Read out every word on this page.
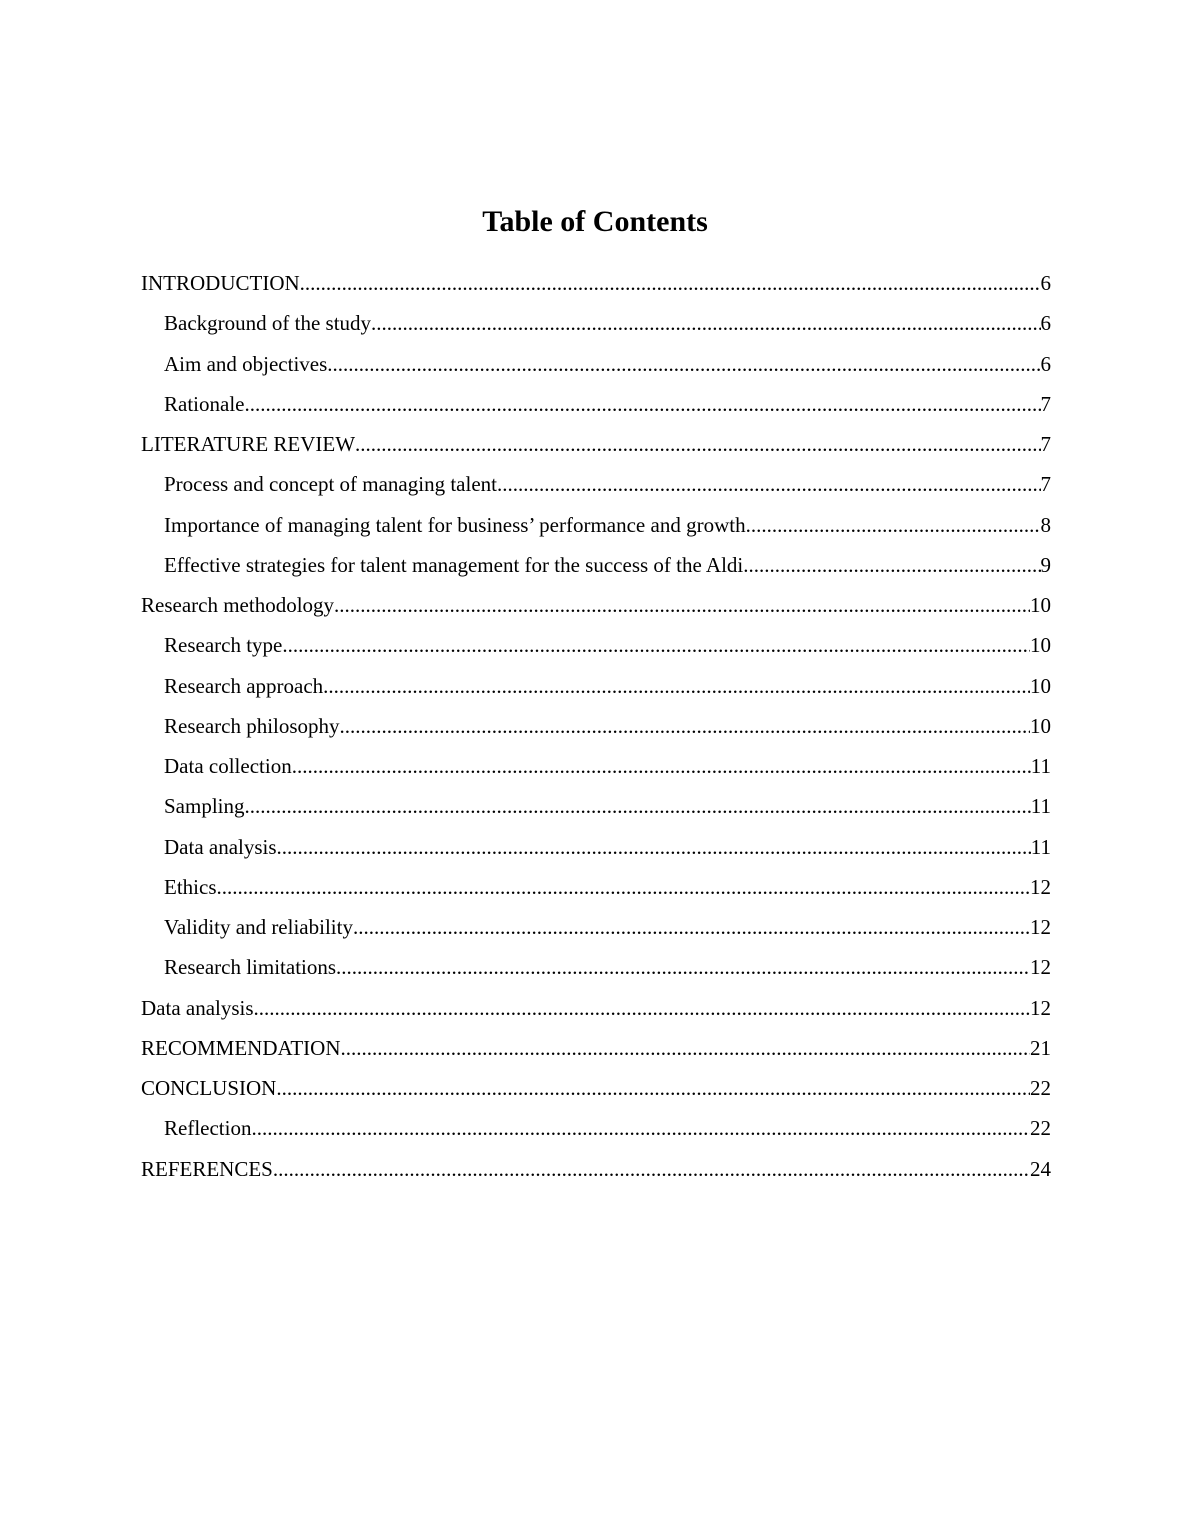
Table of Contents
INTRODUCTION .....	6
Background of the study .....	6
Aim and objectives .....	6
Rationale .....	7
LITERATURE REVIEW .....	7
Process and concept of managing talent .....	7
Importance of managing talent for business’ performance and growth .....	8
Effective strategies for talent management for the success of the Aldi .....	9
Research methodology .....	10
Research type .....	10
Research approach .....	10
Research philosophy .....	10
Data collection .....	11
Sampling .....	11
Data analysis .....	11
Ethics .....	12
Validity and reliability .....	12
Research limitations .....	12
Data analysis .....	12
RECOMMENDATION .....	21
CONCLUSION .....	22
Reflection .....	22
REFERENCES .....	24
